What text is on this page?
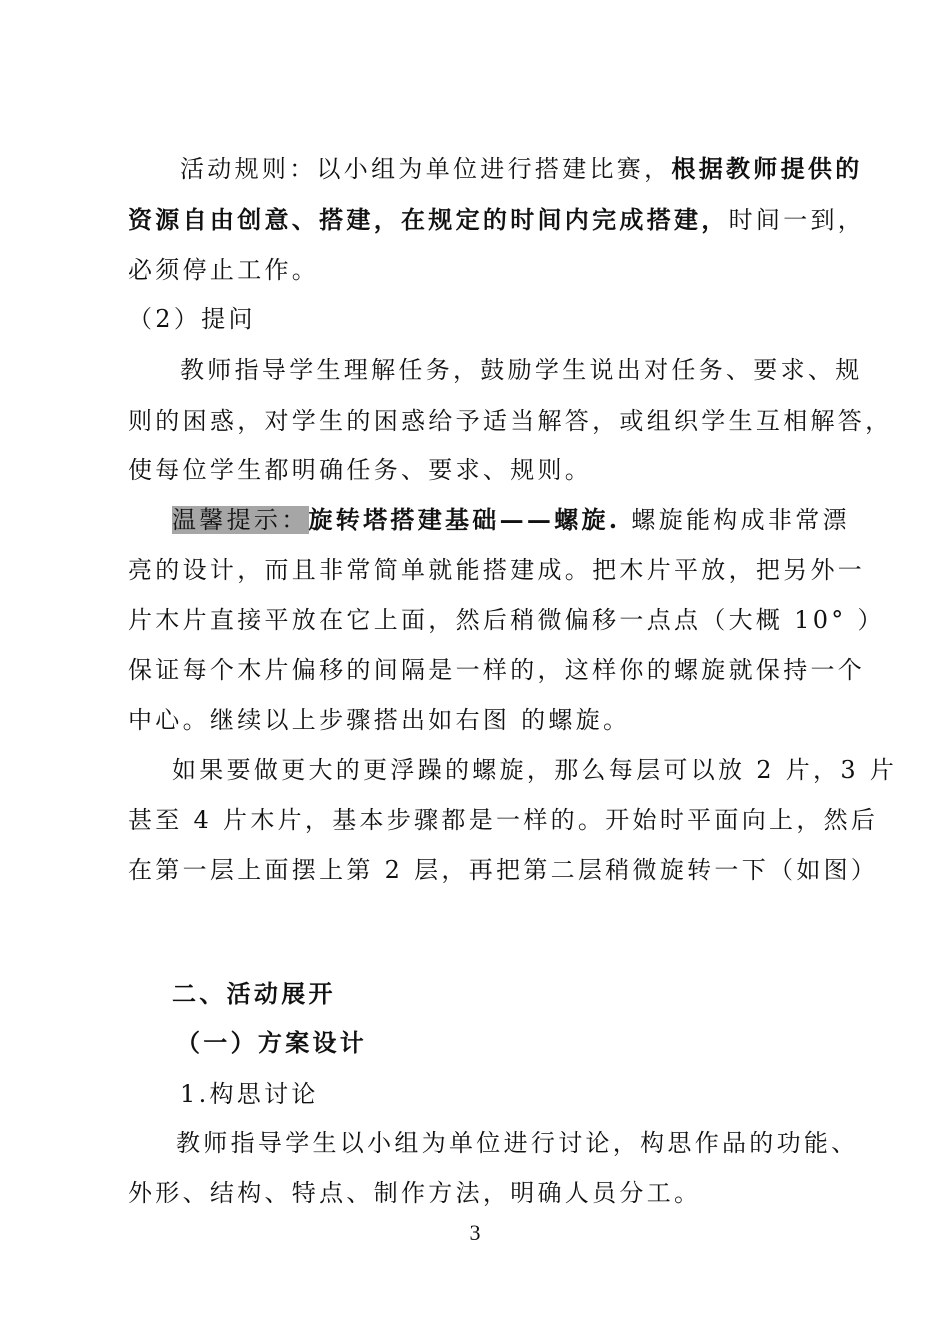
活动规则：以小组为单位进行搭建比赛，根据教师提供的
资源自由创意、搭建，在规定的时间内完成搭建，时间一到，
必须停止工作。
（2）提问
教师指导学生理解任务，鼓励学生说出对任务、要求、规
则的困惑，对学生的困惑给予适当解答，或组织学生互相解答，
使每位学生都明确任务、要求、规则。
温馨提示：旋转塔搭建基础——螺旋. 螺旋能构成非常漂
亮的设计，而且非常简单就能搭建成。把木片平放，把另外一
片木片直接平放在它上面，然后稍微偏移一点点（大概 10° ）
保证每个木片偏移的间隔是一样的，这样你的螺旋就保持一个
中心。继续以上步骤搭出如右图 的螺旋。
如果要做更大的更浮躁的螺旋，那么每层可以放 2 片，3 片
甚至 4 片木片，基本步骤都是一样的。开始时平面向上，然后
在第一层上面摆上第 2 层，再把第二层稍微旋转一下（如图）
二、活动展开
（一）方案设计
1.构思讨论
教师指导学生以小组为单位进行讨论，构思作品的功能、
外形、结构、特点、制作方法，明确人员分工。
3
